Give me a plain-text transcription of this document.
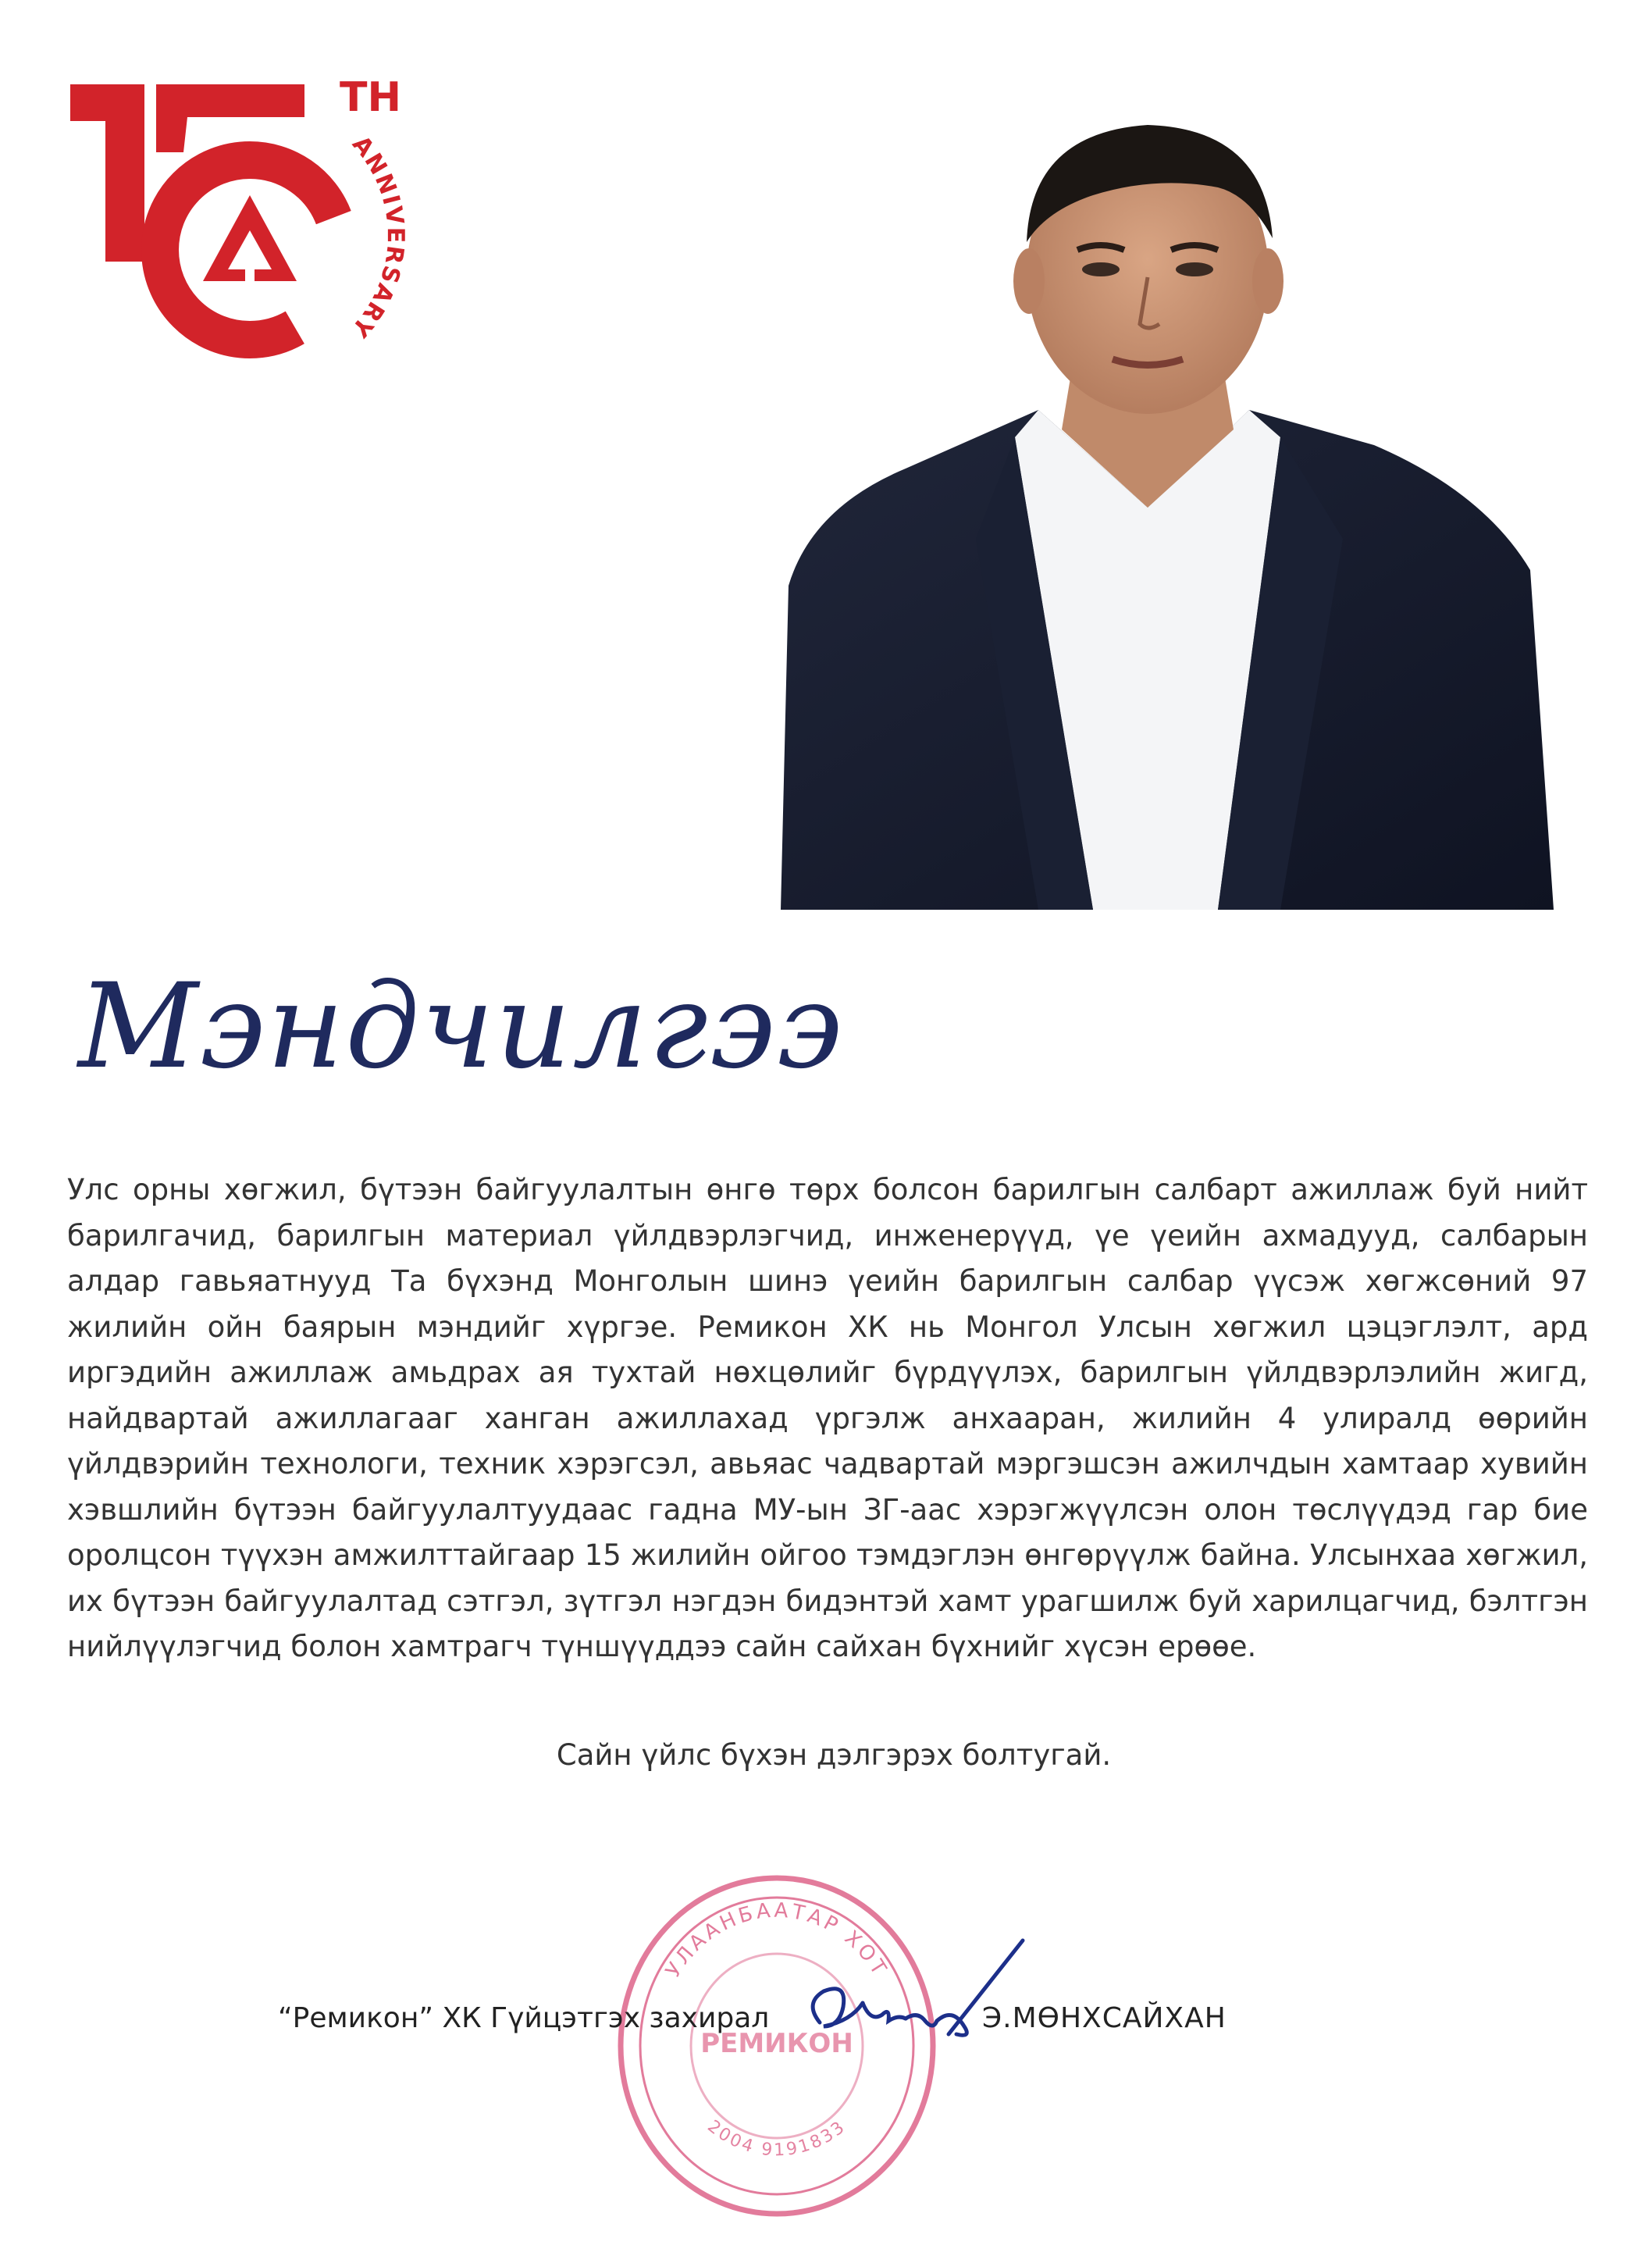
TH
ANNIVERSARY
Мэндчилгээ

Улс орны хөгжил, бүтээн байгуулалтын өнгө төрх болсон барилгын салбарт ажиллаж буй нийт барилгачид, барилгын материал үйлдвэрлэгчид, инженерүүд, үе үеийн ахмадууд, салбарын алдар гавьяатнууд Та бүхэнд Монголын шинэ үеийн барилгын салбар үүсэж хөгжсөний 97 жилийн ойн баярын мэндийг хүргэе. Ремикон ХК нь Монгол Улсын хөгжил цэцэглэлт, ард иргэдийн ажиллаж амьдрах ая тухтай нөхцөлийг бүрдүүлэх, барилгын үйлдвэрлэлийн жигд, найдвартай ажиллагааг ханган ажиллахад үргэлж анхааран, жилийн 4 улиралд өөрийн үйлдвэрийн технологи, техник хэрэгсэл, авьяас чадвартай мэргэшсэн ажилчдын хамтаар хувийн хэвшлийн бүтээн байгуулалтуудаас гадна МУ-ын ЗГ-аас хэрэгжүүлсэн олон төслүүдэд гар бие оролцсон түүхэн амжилттайгаар 15 жилийн ойгоо тэмдэглэн өнгөрүүлж байна. Улсынхаа хөгжил, их бүтээн байгуулалтад сэтгэл, зүтгэл нэгдэн бидэнтэй хамт урагшилж буй харилцагчид, бэлтгэн нийлүүлэгчид болон хамтрагч түншүүддээ сайн сайхан бүхнийг хүсэн ерөөе.

Сайн үйлс бүхэн дэлгэрэх болтугай.
УЛААНБААТАР ХОТ
РЕМИКОН
2004 9191833
“Ремикон” ХК Гүйцэтгэх захирал	Э.МӨНХСАЙХАН
